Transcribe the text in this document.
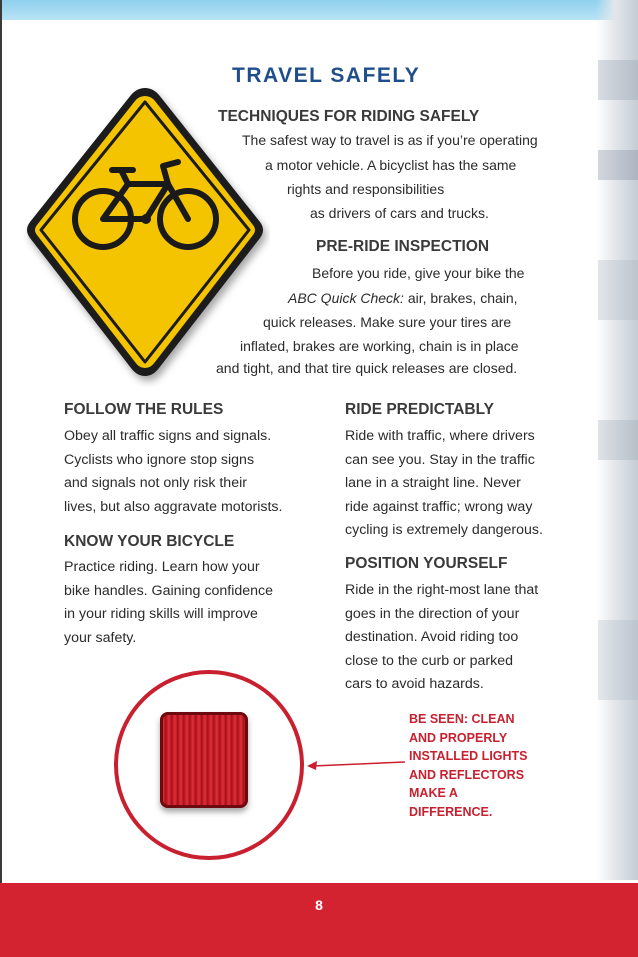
TRAVEL SAFELY
TECHNIQUES FOR RIDING SAFELY
The safest way to travel is as if you’re operating
a motor vehicle. A bicyclist has the same
rights and responsibilities
as drivers of cars and trucks.
PRE-RIDE INSPECTION
Before you ride, give your bike the
ABC Quick Check: air, brakes, chain,
quick releases. Make sure your tires are
inflated, brakes are working, chain is in place
and tight, and that tire quick releases are closed.
FOLLOW THE RULES
Obey all traffic signs and signals.
Cyclists who ignore stop signs
and signals not only risk their
lives, but also aggravate motorists.
KNOW YOUR BICYCLE
Practice riding. Learn how your
bike handles. Gaining confidence
in your riding skills will improve
your safety.
RIDE PREDICTABLY
Ride with traffic, where drivers
can see you. Stay in the traffic
lane in a straight line. Never
ride against traffic; wrong way
cycling is extremely dangerous.
POSITION YOURSELF
Ride in the right-most lane that
goes in the direction of your
destination. Avoid riding too
close to the curb or parked
cars to avoid hazards.
BE SEEN: CLEAN
AND PROPERLY
INSTALLED LIGHTS
AND REFLECTORS
MAKE A
DIFFERENCE.
8
